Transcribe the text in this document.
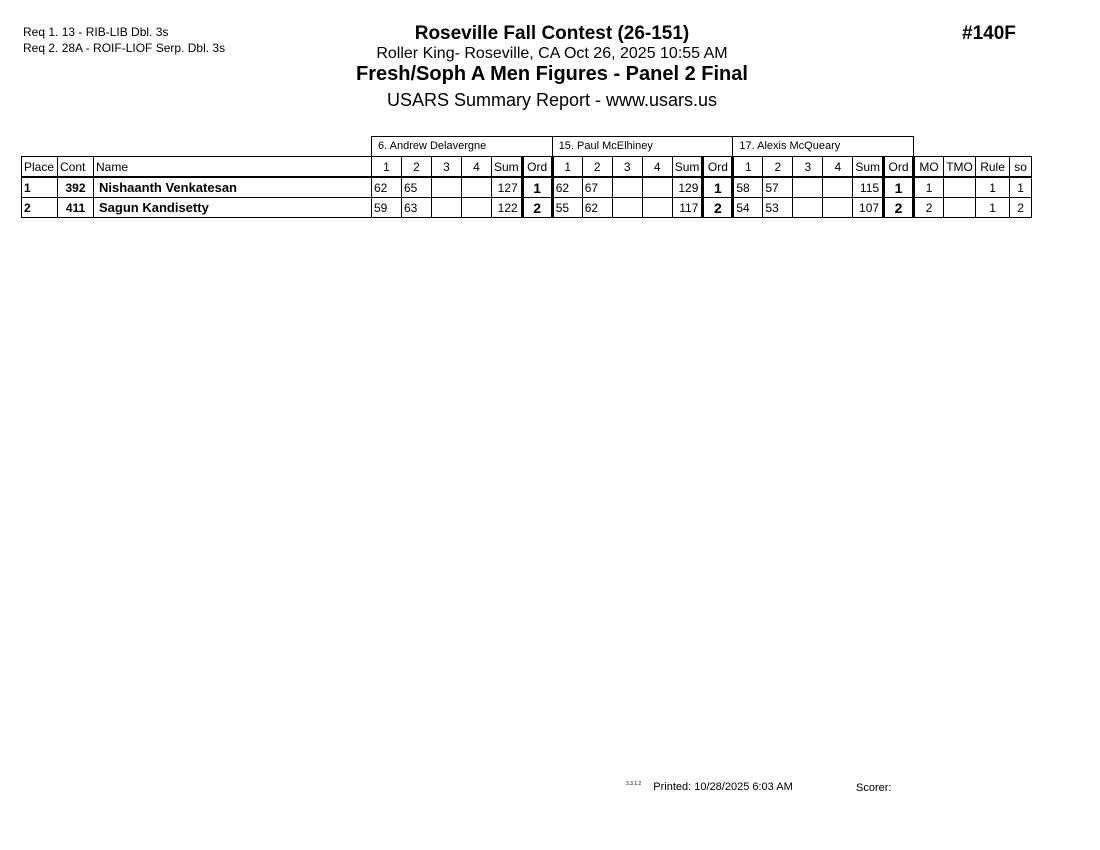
Req 1. 13 - RIB-LIB Dbl. 3s
Req 2. 28A - ROIF-LIOF Serp. Dbl. 3s
Roseville Fall Contest (26-151)
Roller King- Roseville, CA Oct 26, 2025 10:55 AM
Fresh/Soph A Men Figures - Panel 2 Final
USARS Summary Report - www.usars.us
#140F
			6. Andrew Delavergne						15. Paul McElhiney						17. Alexis McQueary									
Place	Cont	Name	1	2	3	4	Sum	Ord	1	2	3	4	Sum	Ord	1	2	3	4	Sum	Ord	MO	TMO	Rule	so
1	392	Nishaanth Venkatesan	62	65			127	1	62	67			129	1	58	57			115	1	1		1	1
2	411	Sagun Kandisetty	59	63			122	2	55	62			117	2	54	53			107	2	2		1	2
$^{3.3.1.2}$ Printed: 10/28/2025 6:03 AM	Scorer:
